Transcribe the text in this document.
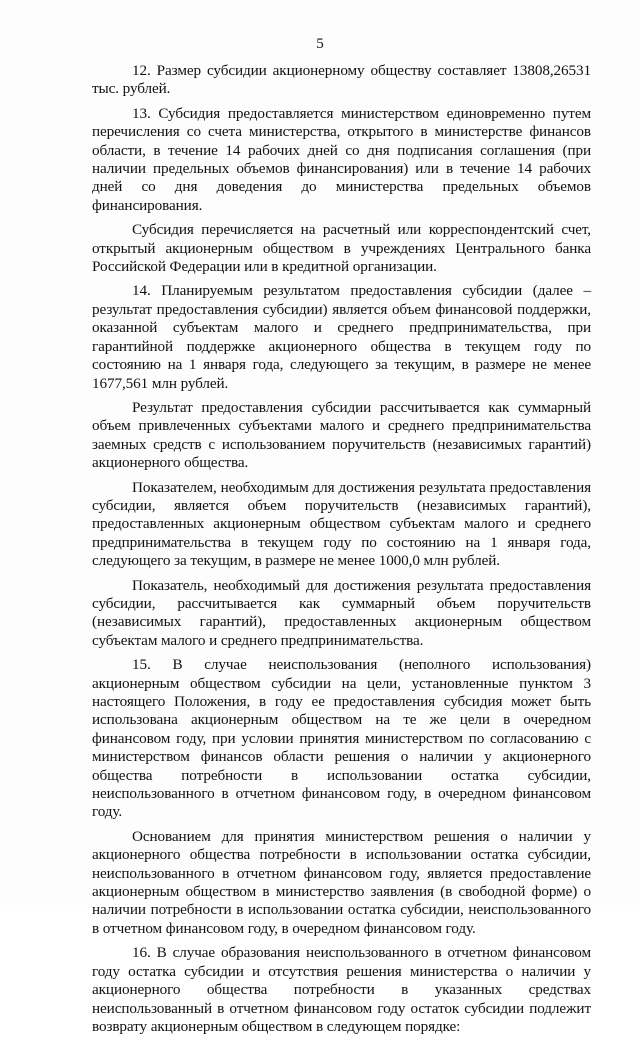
5

12. Размер субсидии акционерному обществу составляет 13808,26531 тыс. рублей.

13. Субсидия предоставляется министерством единовременно путем перечисления со счета министерства, открытого в министерстве финансов области, в течение 14 рабочих дней со дня подписания соглашения (при наличии предельных объемов финансирования) или в течение 14 рабочих дней со дня доведения до министерства предельных объемов финансирования.

Субсидия перечисляется на расчетный или корреспондентский счет, открытый акционерным обществом в учреждениях Центрального банка Российской Федерации или в кредитной организации.

14. Планируемым результатом предоставления субсидии (далее – результат предоставления субсидии) является объем финансовой поддержки, оказанной субъектам малого и среднего предпринимательства, при гарантийной поддержке акционерного общества в текущем году по состоянию на 1 января года, следующего за текущим, в размере не менее 1677,561 млн рублей.

Результат предоставления субсидии рассчитывается как суммарный объем привлеченных субъектами малого и среднего предпринимательства заемных средств с использованием поручительств (независимых гарантий) акционерного общества.

Показателем, необходимым для достижения результата предоставления субсидии, является объем поручительств (независимых гарантий), предоставленных акционерным обществом субъектам малого и среднего предпринимательства в текущем году по состоянию на 1 января года, следующего за текущим, в размере не менее 1000,0 млн рублей.

Показатель, необходимый для достижения результата предоставления субсидии, рассчитывается как суммарный объем поручительств (независимых гарантий), предоставленных акционерным обществом субъектам малого и среднего предпринимательства.

15. В случае неиспользования (неполного использования) акционерным обществом субсидии на цели, установленные пунктом 3 настоящего Положения, в году ее предоставления субсидия может быть использована акционерным обществом на те же цели в очередном финансовом году, при условии принятия министерством по согласованию с министерством финансов области решения о наличии у акционерного общества потребности в использовании остатка субсидии, неиспользованного в отчетном финансовом году, в очередном финансовом году.

Основанием для принятия министерством решения о наличии у акционерного общества потребности в использовании остатка субсидии, неиспользованного в отчетном финансовом году, является предоставление акционерным обществом в министерство заявления (в свободной форме) о наличии потребности в использовании остатка субсидии, неиспользованного в отчетном финансовом году, в очередном финансовом году.

16. В случае образования неиспользованного в отчетном финансовом году остатка субсидии и отсутствия решения министерства о наличии у акционерного общества потребности в указанных средствах неиспользованный в отчетном финансовом году остаток субсидии подлежит возврату акционерным обществом в следующем порядке:
